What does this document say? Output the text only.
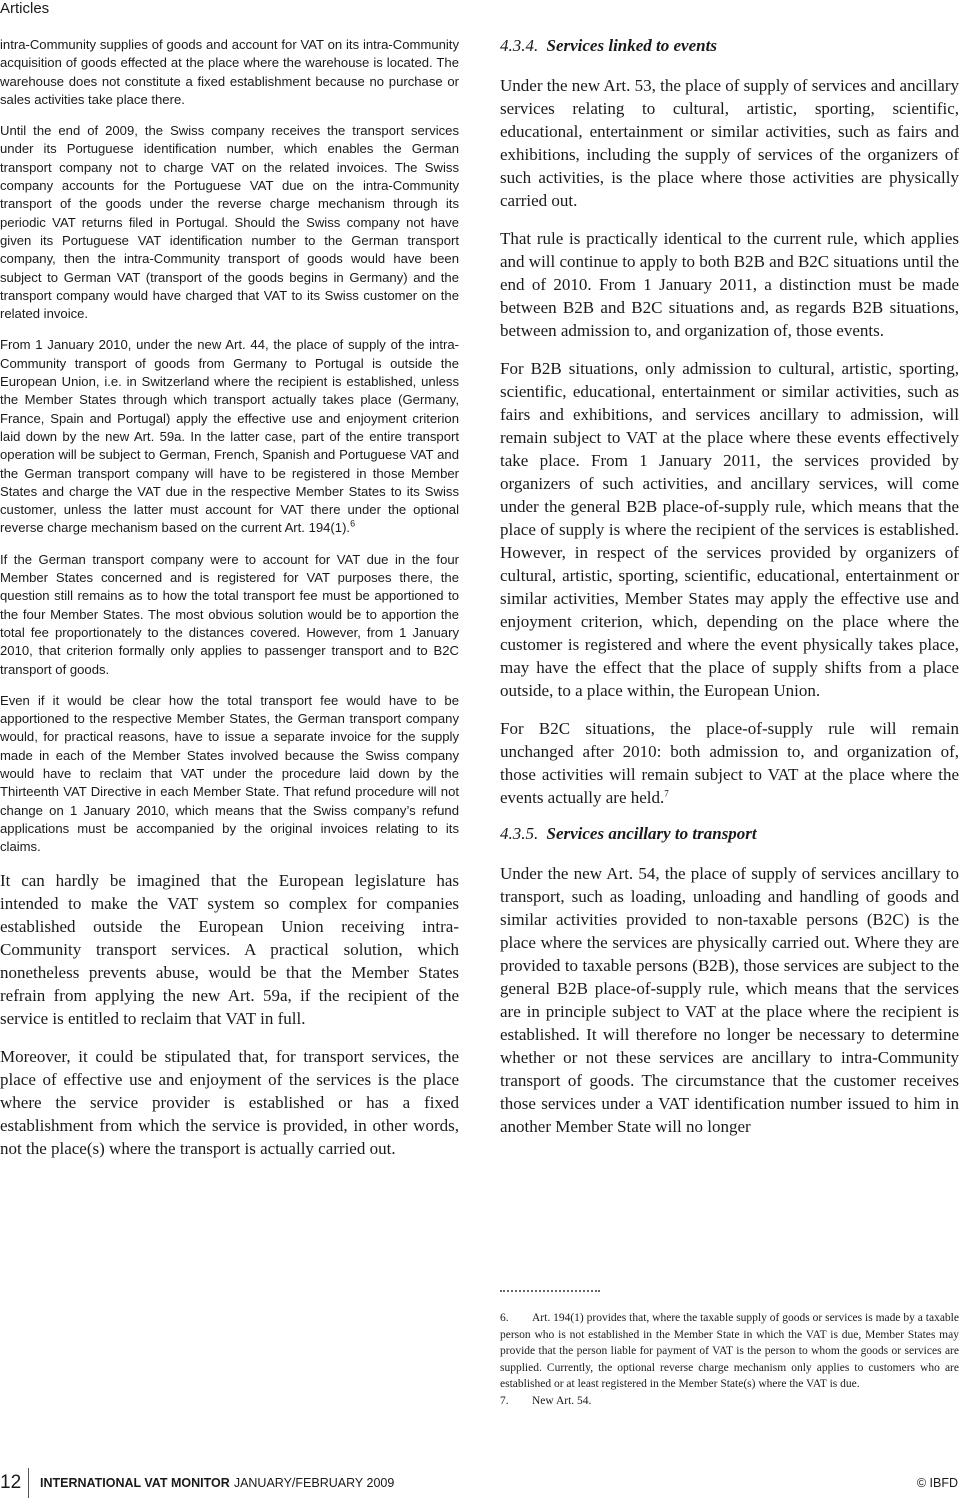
Articles

intra-Community supplies of goods and account for VAT on its intra-Community acquisition of goods effected at the place where the warehouse is located. The warehouse does not constitute a fixed establishment because no purchase or sales activities take place there.

Until the end of 2009, the Swiss company receives the transport services under its Portuguese identification number, which enables the German transport company not to charge VAT on the related invoices. The Swiss company accounts for the Portuguese VAT due on the intra-Community transport of the goods under the reverse charge mechanism through its periodic VAT returns filed in Portugal. Should the Swiss company not have given its Portuguese VAT identification number to the German transport company, then the intra-Community transport of goods would have been subject to German VAT (transport of the goods begins in Germany) and the transport company would have charged that VAT to its Swiss customer on the related invoice.

From 1 January 2010, under the new Art. 44, the place of supply of the intra-Community transport of goods from Germany to Portugal is outside the European Union, i.e. in Switzerland where the recipient is established, unless the Member States through which transport actually takes place (Germany, France, Spain and Portugal) apply the effective use and enjoyment criterion laid down by the new Art. 59a. In the latter case, part of the entire transport operation will be subject to German, French, Spanish and Portuguese VAT and the German transport company will have to be registered in those Member States and charge the VAT due in the respective Member States to its Swiss customer, unless the latter must account for VAT there under the optional reverse charge mechanism based on the current Art. 194(1).$^6$

If the German transport company were to account for VAT due in the four Member States concerned and is registered for VAT purposes there, the question still remains as to how the total transport fee must be apportioned to the four Member States. The most obvious solution would be to apportion the total fee proportionately to the distances covered. However, from 1 January 2010, that criterion formally only applies to passenger transport and to B2C transport of goods.

Even if it would be clear how the total transport fee would have to be apportioned to the respective Member States, the German transport company would, for practical reasons, have to issue a separate invoice for the supply made in each of the Member States involved because the Swiss company would have to reclaim that VAT under the procedure laid down by the Thirteenth VAT Directive in each Member State. That refund procedure will not change on 1 January 2010, which means that the Swiss company’s refund applications must be accompanied by the original invoices relating to its claims.

It can hardly be imagined that the European legislature has intended to make the VAT system so complex for companies established outside the European Union receiving intra-Community transport services. A practical solution, which nonetheless prevents abuse, would be that the Member States refrain from applying the new Art. 59a, if the recipient of the service is entitled to reclaim that VAT in full.

Moreover, it could be stipulated that, for transport services, the place of effective use and enjoyment of the services is the place where the service provider is established or has a fixed establishment from which the service is provided, in other words, not the place(s) where the transport is actually carried out.

4.3.4. Services linked to events

Under the new Art. 53, the place of supply of services and ancillary services relating to cultural, artistic, sporting, scientific, educational, entertainment or similar activities, such as fairs and exhibitions, including the supply of services of the organizers of such activities, is the place where those activities are physically carried out.

That rule is practically identical to the current rule, which applies and will continue to apply to both B2B and B2C situations until the end of 2010. From 1 January 2011, a distinction must be made between B2B and B2C situations and, as regards B2B situations, between admission to, and organization of, those events.

For B2B situations, only admission to cultural, artistic, sporting, scientific, educational, entertainment or similar activities, such as fairs and exhibitions, and services ancillary to admission, will remain subject to VAT at the place where these events effectively take place. From 1 January 2011, the services provided by organizers of such activities, and ancillary services, will come under the general B2B place-of-supply rule, which means that the place of supply is where the recipient of the services is established. However, in respect of the services provided by organizers of cultural, artistic, sporting, scientific, educational, entertainment or similar activities, Member States may apply the effective use and enjoyment criterion, which, depending on the place where the customer is registered and where the event physically takes place, may have the effect that the place of supply shifts from a place outside, to a place within, the European Union.

For B2C situations, the place-of-supply rule will remain unchanged after 2010: both admission to, and organization of, those activities will remain subject to VAT at the place where the events actually are held.$^7$

4.3.5. Services ancillary to transport

Under the new Art. 54, the place of supply of services ancillary to transport, such as loading, unloading and handling of goods and similar activities provided to non-taxable persons (B2C) is the place where the services are physically carried out. Where they are provided to taxable persons (B2B), those services are subject to the general B2B place-of-supply rule, which means that the services are in principle subject to VAT at the place where the recipient is established. It will therefore no longer be necessary to determine whether or not these services are ancillary to intra-Community transport of goods. The circumstance that the customer receives those services under a VAT identification number issued to him in another Member State will no longer

6. Art. 194(1) provides that, where the taxable supply of goods or services is made by a taxable person who is not established in the Member State in which the VAT is due, Member States may provide that the person liable for payment of VAT is the person to whom the goods or services are supplied. Currently, the optional reverse charge mechanism only applies to customers who are established or at least registered in the Member State(s) where the VAT is due.

7. New Art. 54.

12 INTERNATIONAL VAT MONITOR JANUARY/FEBRUARY 2009	© IBFD
